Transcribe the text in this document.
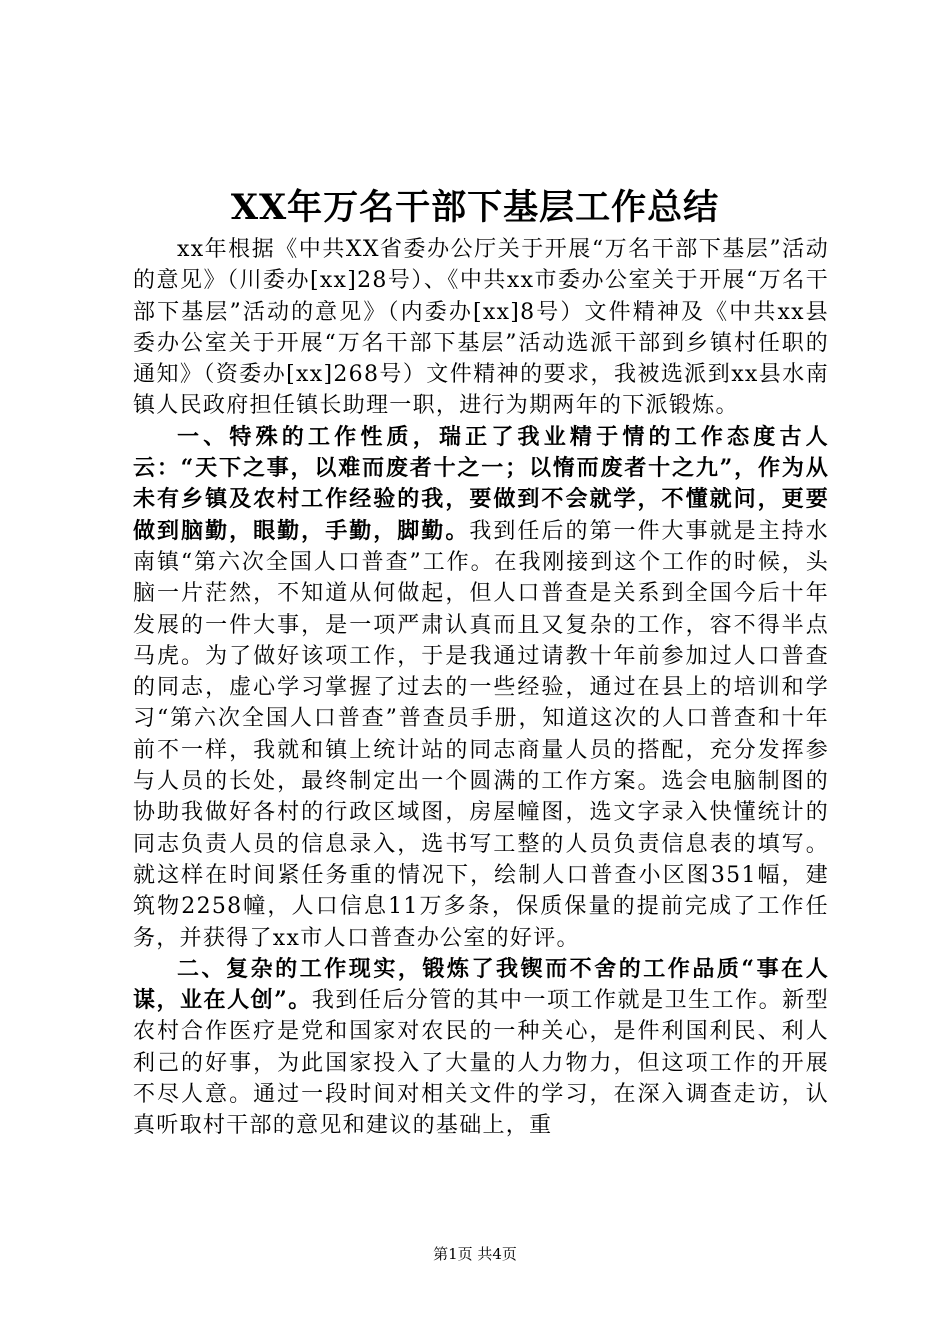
XX年万名干部下基层工作总结

xx年根据《中共XX省委办公厅关于开展“万名干部下基层”活动的意见》（川委办[xx]28号）、《中共xx市委办公室关于开展“万名干部下基层”活动的意见》（内委办[xx]8号）文件精神及《中共xx县委办公室关于开展“万名干部下基层”活动选派干部到乡镇村任职的通知》（资委办[xx]268号）文件精神的要求，我被选派到xx县水南镇人民政府担任镇长助理一职，进行为期两年的下派锻炼。

一、特殊的工作性质，瑞正了我业精于情的工作态度古人云：“天下之事，以难而废者十之一；以惰而废者十之九”，作为从未有乡镇及农村工作经验的我，要做到不会就学，不懂就问，更要做到脑勤，眼勤，手勤，脚勤。我到任后的第一件大事就是主持水南镇“第六次全国人口普查”工作。在我刚接到这个工作的时候，头脑一片茫然，不知道从何做起，但人口普查是关系到全国今后十年发展的一件大事，是一项严肃认真而且又复杂的工作，容不得半点马虎。为了做好该项工作，于是我通过请教十年前参加过人口普查的同志，虚心学习掌握了过去的一些经验，通过在县上的培训和学习“第六次全国人口普查”普查员手册，知道这次的人口普查和十年前不一样，我就和镇上统计站的同志商量人员的搭配，充分发挥参与人员的长处，最终制定出一个圆满的工作方案。选会电脑制图的协助我做好各村的行政区域图，房屋幢图，选文字录入快懂统计的同志负责人员的信息录入，选书写工整的人员负责信息表的填写。就这样在时间紧任务重的情况下，绘制人口普查小区图351幅，建筑物2258幢，人口信息11万多条，保质保量的提前完成了工作任务，并获得了xx市人口普查办公室的好评。

二、复杂的工作现实，锻炼了我锲而不舍的工作品质“事在人谋，业在人创”。我到任后分管的其中一项工作就是卫生工作。新型农村合作医疗是党和国家对农民的一种关心，是件利国利民、利人利己的好事，为此国家投入了大量的人力物力，但这项工作的开展不尽人意。通过一段时间对相关文件的学习，在深入调查走访，认真听取村干部的意见和建议的基础上，重

第1页 共4页
